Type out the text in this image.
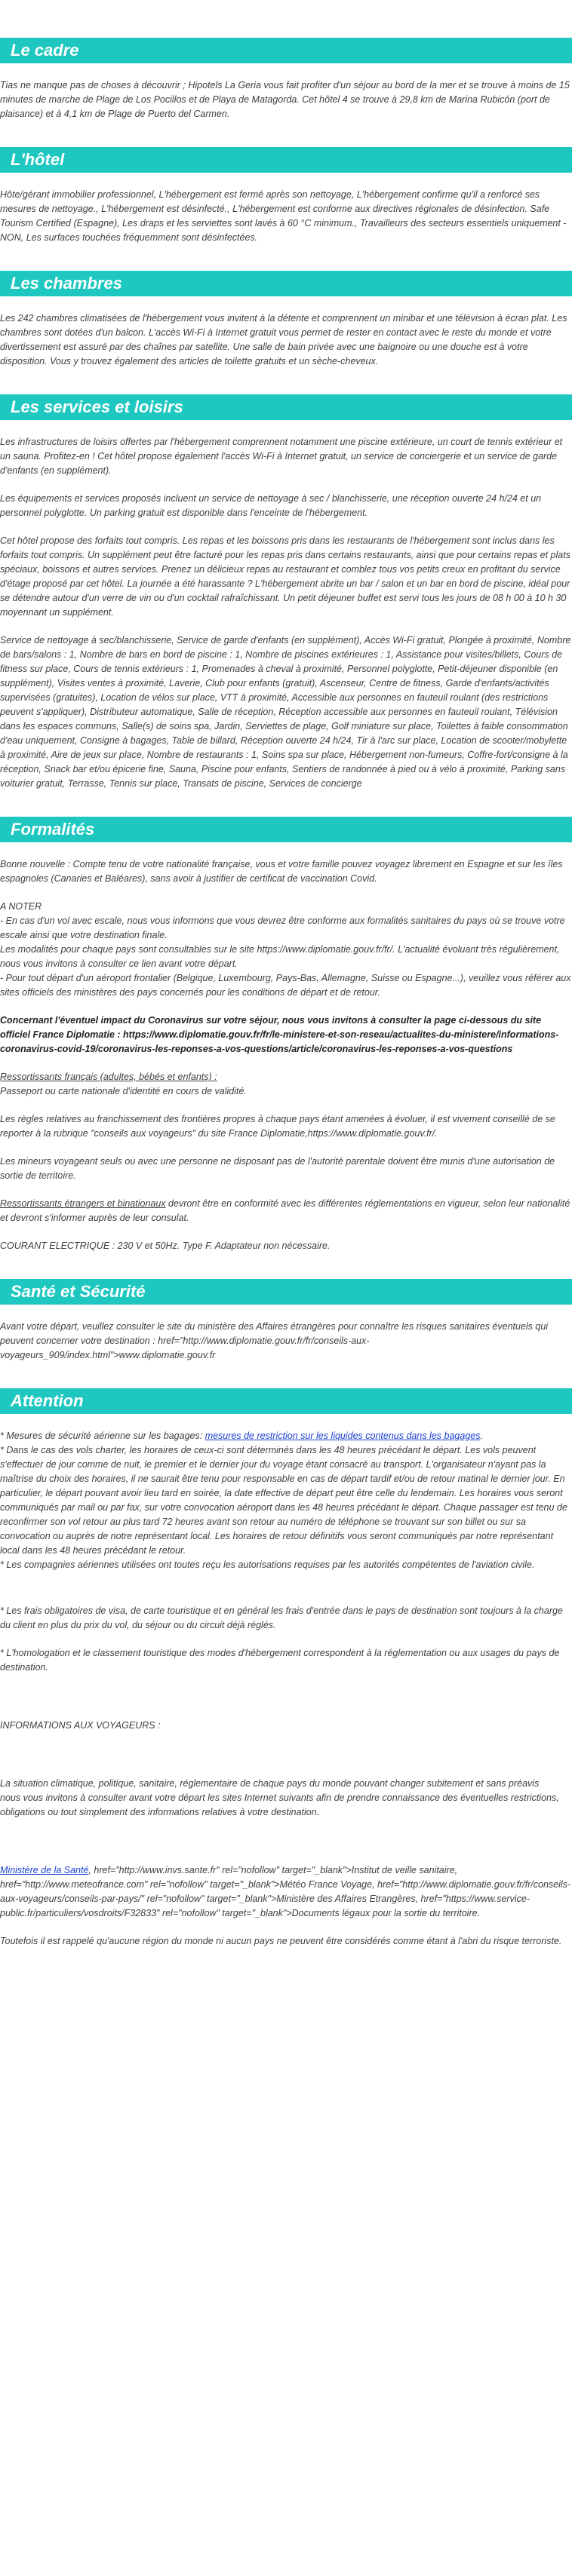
Le cadre

Tias ne manque pas de choses à découvrir ; Hipotels La Geria vous fait profiter d'un séjour au bord de la mer et se trouve à moins de 15 minutes de marche de Plage de Los Pocillos et de Playa de Matagorda. Cet hôtel 4 se trouve à 29,8 km de Marina Rubicón (port de plaisance) et à 4,1 km de Plage de Puerto del Carmen.

L'hôtel

Hôte/gérant immobilier professionnel, L'hébergement est fermé après son nettoyage, L'hébergement confirme qu'il a renforcé ses mesures de nettoyage., L'hébergement est désinfecté., L'hébergement est conforme aux directives régionales de désinfection. Safe Tourism Certified (Espagne), Les draps et les serviettes sont lavés à 60 °C minimum., Travailleurs des secteurs essentiels uniquement - NON, Les surfaces touchées fréquemment sont désinfectées.

Les chambres

Les 242 chambres climatisées de l'hébergement vous invitent à la détente et comprennent un minibar et une télévision à écran plat. Les chambres sont dotées d'un balcon. L'accès Wi-Fi à Internet gratuit vous permet de rester en contact avec le reste du monde et votre divertissement est assuré par des chaînes par satellite. Une salle de bain privée avec une baignoire ou une douche est à votre disposition. Vous y trouvez également des articles de toilette gratuits et un sèche-cheveux.

Les services et loisirs

Les infrastructures de loisirs offertes par l'hébergement comprennent notamment une piscine extérieure, un court de tennis extérieur et un sauna. Profitez-en ! Cet hôtel propose également l'accès Wi-Fi à Internet gratuit, un service de conciergerie et un service de garde d'enfants (en supplément).

Les équipements et services proposés incluent un service de nettoyage à sec / blanchisserie, une réception ouverte 24 h/24 et un personnel polyglotte. Un parking gratuit est disponible dans l'enceinte de l'hébergement.

Cet hôtel propose des forfaits tout compris. Les repas et les boissons pris dans les restaurants de l'hébergement sont inclus dans les forfaits tout compris. Un supplément peut être facturé pour les repas pris dans certains restaurants, ainsi que pour certains repas et plats spéciaux, boissons et autres services. Prenez un délicieux repas au restaurant et comblez tous vos petits creux en profitant du service d'étage proposé par cet hôtel. La journée a été harassante ? L'hébergement abrite un bar / salon et un bar en bord de piscine, idéal pour se détendre autour d'un verre de vin ou d'un cocktail rafraîchissant. Un petit déjeuner buffet est servi tous les jours de 08 h 00 à 10 h 30 moyennant un supplément.

Service de nettoyage à sec/blanchisserie, Service de garde d'enfants (en supplément), Accès Wi-Fi gratuit, Plongée à proximité, Nombre de bars/salons : 1, Nombre de bars en bord de piscine : 1, Nombre de piscines extérieures : 1, Assistance pour visites/billets, Cours de fitness sur place, Cours de tennis extérieurs : 1, Promenades à cheval à proximité, Personnel polyglotte, Petit-déjeuner disponible (en supplément), Visites ventes à proximité, Laverie, Club pour enfants (gratuit), Ascenseur, Centre de fitness, Garde d'enfants/activités supervisées (gratuites), Location de vélos sur place, VTT à proximité, Accessible aux personnes en fauteuil roulant (des restrictions peuvent s'appliquer), Distributeur automatique, Salle de réception, Réception accessible aux personnes en fauteuil roulant, Télévision dans les espaces communs, Salle(s) de soins spa, Jardin, Serviettes de plage, Golf miniature sur place, Toilettes à faible consommation d'eau uniquement, Consigne à bagages, Table de billard, Réception ouverte 24 h/24, Tir à l'arc sur place, Location de scooter/mobylette à proximité, Aire de jeux sur place, Nombre de restaurants : 1, Soins spa sur place, Hébergement non-fumeurs, Coffre-fort/consigne à la réception, Snack bar et/ou épicerie fine, Sauna, Piscine pour enfants, Sentiers de randonnée à pied ou à vélo à proximité, Parking sans voiturier gratuit, Terrasse, Tennis sur place, Transats de piscine, Services de concierge

Formalités

Bonne nouvelle : Compte tenu de votre nationalité française, vous et votre famille pouvez voyagez librement en Espagne et sur les îles espagnoles (Canaries et Baléares), sans avoir à justifier de certificat de vaccination Covid.

A NOTER

- En cas d'un vol avec escale, nous vous informons que vous devrez être conforme aux formalités sanitaires du pays où se trouve votre escale ainsi que votre destination finale.

Les modalités pour chaque pays sont consultables sur le site https://www.diplomatie.gouv.fr/fr/. L'actualité évoluant très régulièrement, nous vous invitons à consulter ce lien avant votre départ.

- Pour tout départ d'un aéroport frontalier (Belgique, Luxembourg, Pays-Bas, Allemagne, Suisse ou Espagne...), veuillez vous référer aux sites officiels des ministères des pays concernés pour les conditions de départ et de retour.

Concernant l'éventuel impact du Coronavirus sur votre séjour, nous vous invitons à consulter la page ci-dessous du site officiel France Diplomatie : https://www.diplomatie.gouv.fr/fr/le-ministere-et-son-reseau/actualites-du-ministere/informations-coronavirus-covid-19/coronavirus-les-reponses-a-vos-questions/article/coronavirus-les-reponses-a-vos-questions

Ressortissants français (adultes, bébés et enfants) :

Passeport ou carte nationale d'identité en cours de validité.

Les règles relatives au franchissement des frontières propres à chaque pays étant amenées à évoluer, il est vivement conseillé de se reporter à la rubrique "conseils aux voyageurs" du site France Diplomatie,https://www.diplomatie.gouv.fr/.

Les mineurs voyageant seuls ou avec une personne ne disposant pas de l'autorité parentale doivent être munis d'une autorisation de sortie de territoire.

Ressortissants étrangers et binationaux devront être en conformité avec les différentes réglementations en vigueur, selon leur nationalité et devront s'informer auprès de leur consulat.

COURANT ELECTRIQUE : 230 V et 50Hz. Type F. Adaptateur non nécessaire.

Santé et Sécurité

Avant votre départ, veuillez consulter le site du ministère des Affaires étrangères pour connaître les risques sanitaires éventuels qui peuvent concerner votre destination : href="http://www.diplomatie.gouv.fr/fr/conseils-aux-voyageurs_909/index.html">www.diplomatie.gouv.fr

Attention

* Mesures de sécurité aérienne sur les bagages: mesures de restriction sur les liquides contenus dans les bagages.

* Dans le cas des vols charter, les horaires de ceux-ci sont déterminés dans les 48 heures précédant le départ. Les vols peuvent s'effectuer de jour comme de nuit, le premier et le dernier jour du voyage étant consacré au transport. L'organisateur n'ayant pas la maîtrise du choix des horaires, il ne saurait être tenu pour responsable en cas de départ tardif et/ou de retour matinal le dernier jour. En particulier, le départ pouvant avoir lieu tard en soirée, la date effective de départ peut être celle du lendemain. Les horaires vous seront communiqués par mail ou par fax, sur votre convocation aéroport dans les 48 heures précédant le départ. Chaque passager est tenu de reconfirmer son vol retour au plus tard 72 heures avant son retour au numéro de téléphone se trouvant sur son billet ou sur sa convocation ou auprès de notre représentant local. Les horaires de retour définitifs vous seront communiqués par notre représentant local dans les 48 heures précédant le retour.

* Les compagnies aériennes utilisées ont toutes reçu les autorisations requises par les autorités compétentes de l'aviation civile.

* Les frais obligatoires de visa, de carte touristique et en général les frais d'entrée dans le pays de destination sont toujours à la charge du client en plus du prix du vol, du séjour ou du circuit déjà réglés.

* L'homologation et le classement touristique des modes d'hébergement correspondent à la réglementation ou aux usages du pays de destination.

INFORMATIONS AUX VOYAGEURS :

La situation climatique, politique, sanitaire, réglementaire de chaque pays du monde pouvant changer subitement et sans préavis

nous vous invitons à consulter avant votre départ les sites Internet suivants afin de prendre connaissance des éventuelles restrictions, obligations ou tout simplement des informations relatives à votre destination.

Ministère de la Santé, href="http://www.invs.sante.fr" rel="nofollow" target="_blank">Institut de veille sanitaire, href="http://www.meteofrance.com" rel="nofollow" target="_blank">Météo France Voyage, href="http://www.diplomatie.gouv.fr/fr/conseils-aux-voyageurs/conseils-par-pays/" rel="nofollow" target="_blank">Ministère des Affaires Etrangères, href="https://www.service-public.fr/particuliers/vosdroits/F32833" rel="nofollow" target="_blank">Documents légaux pour la sortie du territoire.

Toutefois il est rappelé qu'aucune région du monde ni aucun pays ne peuvent être considérés comme étant à l'abri du risque terroriste.
